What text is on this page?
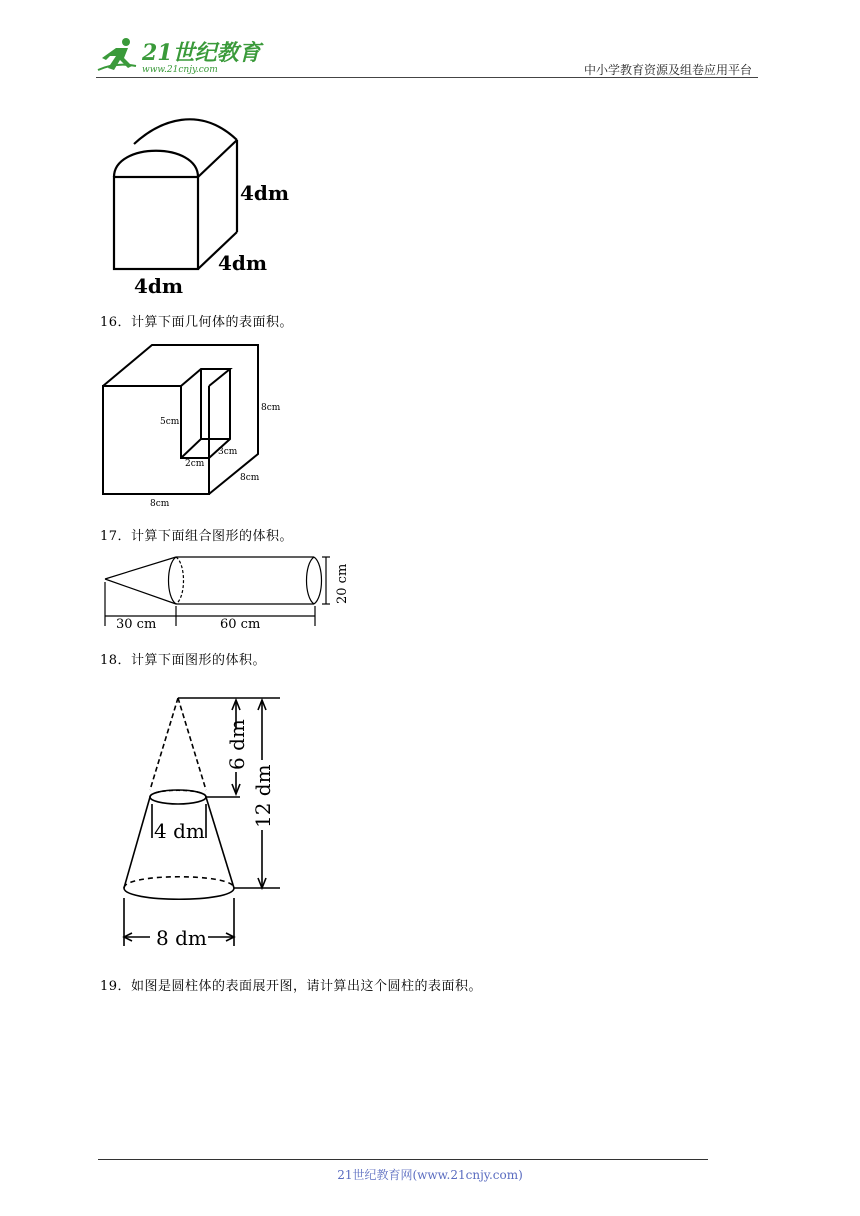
21世纪教育
www.21cnjy.com	中小学教育资源及组卷应用平台
4dm
4dm
4dm
16．计算下面几何体的表面积。
5cm
8cm
3cm
2cm
8cm
8cm
17．计算下面组合图形的体积。
30 cm	60 cm
20 cm
18．计算下面图形的体积。
6 dm
12 dm
4 dm
8 dm
19．如图是圆柱体的表面展开图，请计算出这个圆柱的表面积。
21世纪教育网(www.21cnjy.com)
